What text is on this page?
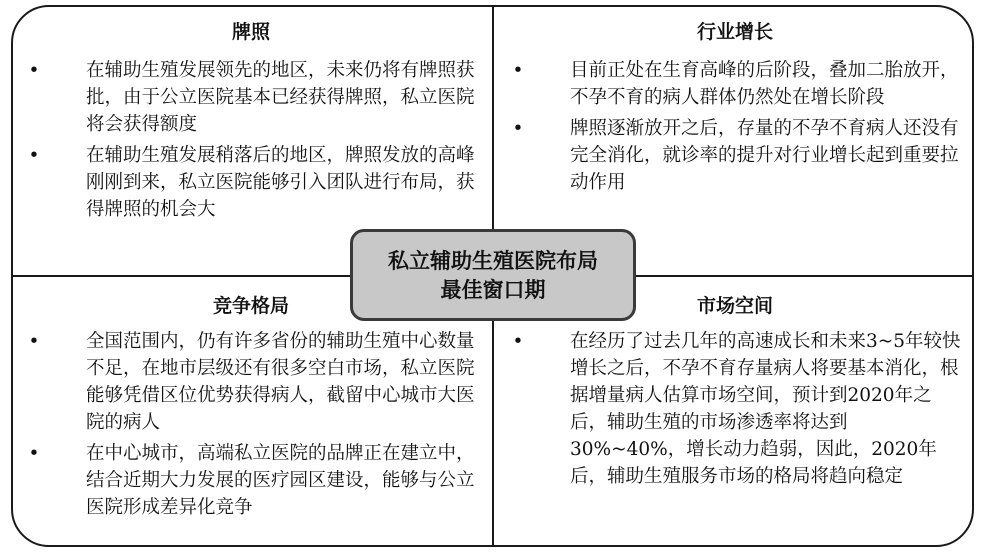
牌照
•	在辅助生殖发展领先的地区，未来仍将有牌照获批，由于公立医院基本已经获得牌照，私立医院将会获得额度
•	在辅助生殖发展稍落后的地区，牌照发放的高峰刚刚到来，私立医院能够引入团队进行布局，获得牌照的机会大
行业增长
•	目前正处在生育高峰的后阶段，叠加二胎放开，不孕不育的病人群体仍然处在增长阶段
•	牌照逐渐放开之后，存量的不孕不育病人还没有完全消化，就诊率的提升对行业增长起到重要拉动作用
竞争格局
•	全国范围内，仍有许多省份的辅助生殖中心数量不足，在地市层级还有很多空白市场，私立医院能够凭借区位优势获得病人，截留中心城市大医院的病人
•	在中心城市，高端私立医院的品牌正在建立中，结合近期大力发展的医疗园区建设，能够与公立医院形成差异化竞争
市场空间
•	在经历了过去几年的高速成长和未来3~5年较快增长之后，不孕不育存量病人将要基本消化，根据增量病人估算市场空间，预计到2020年之后，辅助生殖的市场渗透率将达到30%~40%，增长动力趋弱，因此，2020年后，辅助生殖服务市场的格局将趋向稳定
私立辅助生殖医院布局
最佳窗口期
